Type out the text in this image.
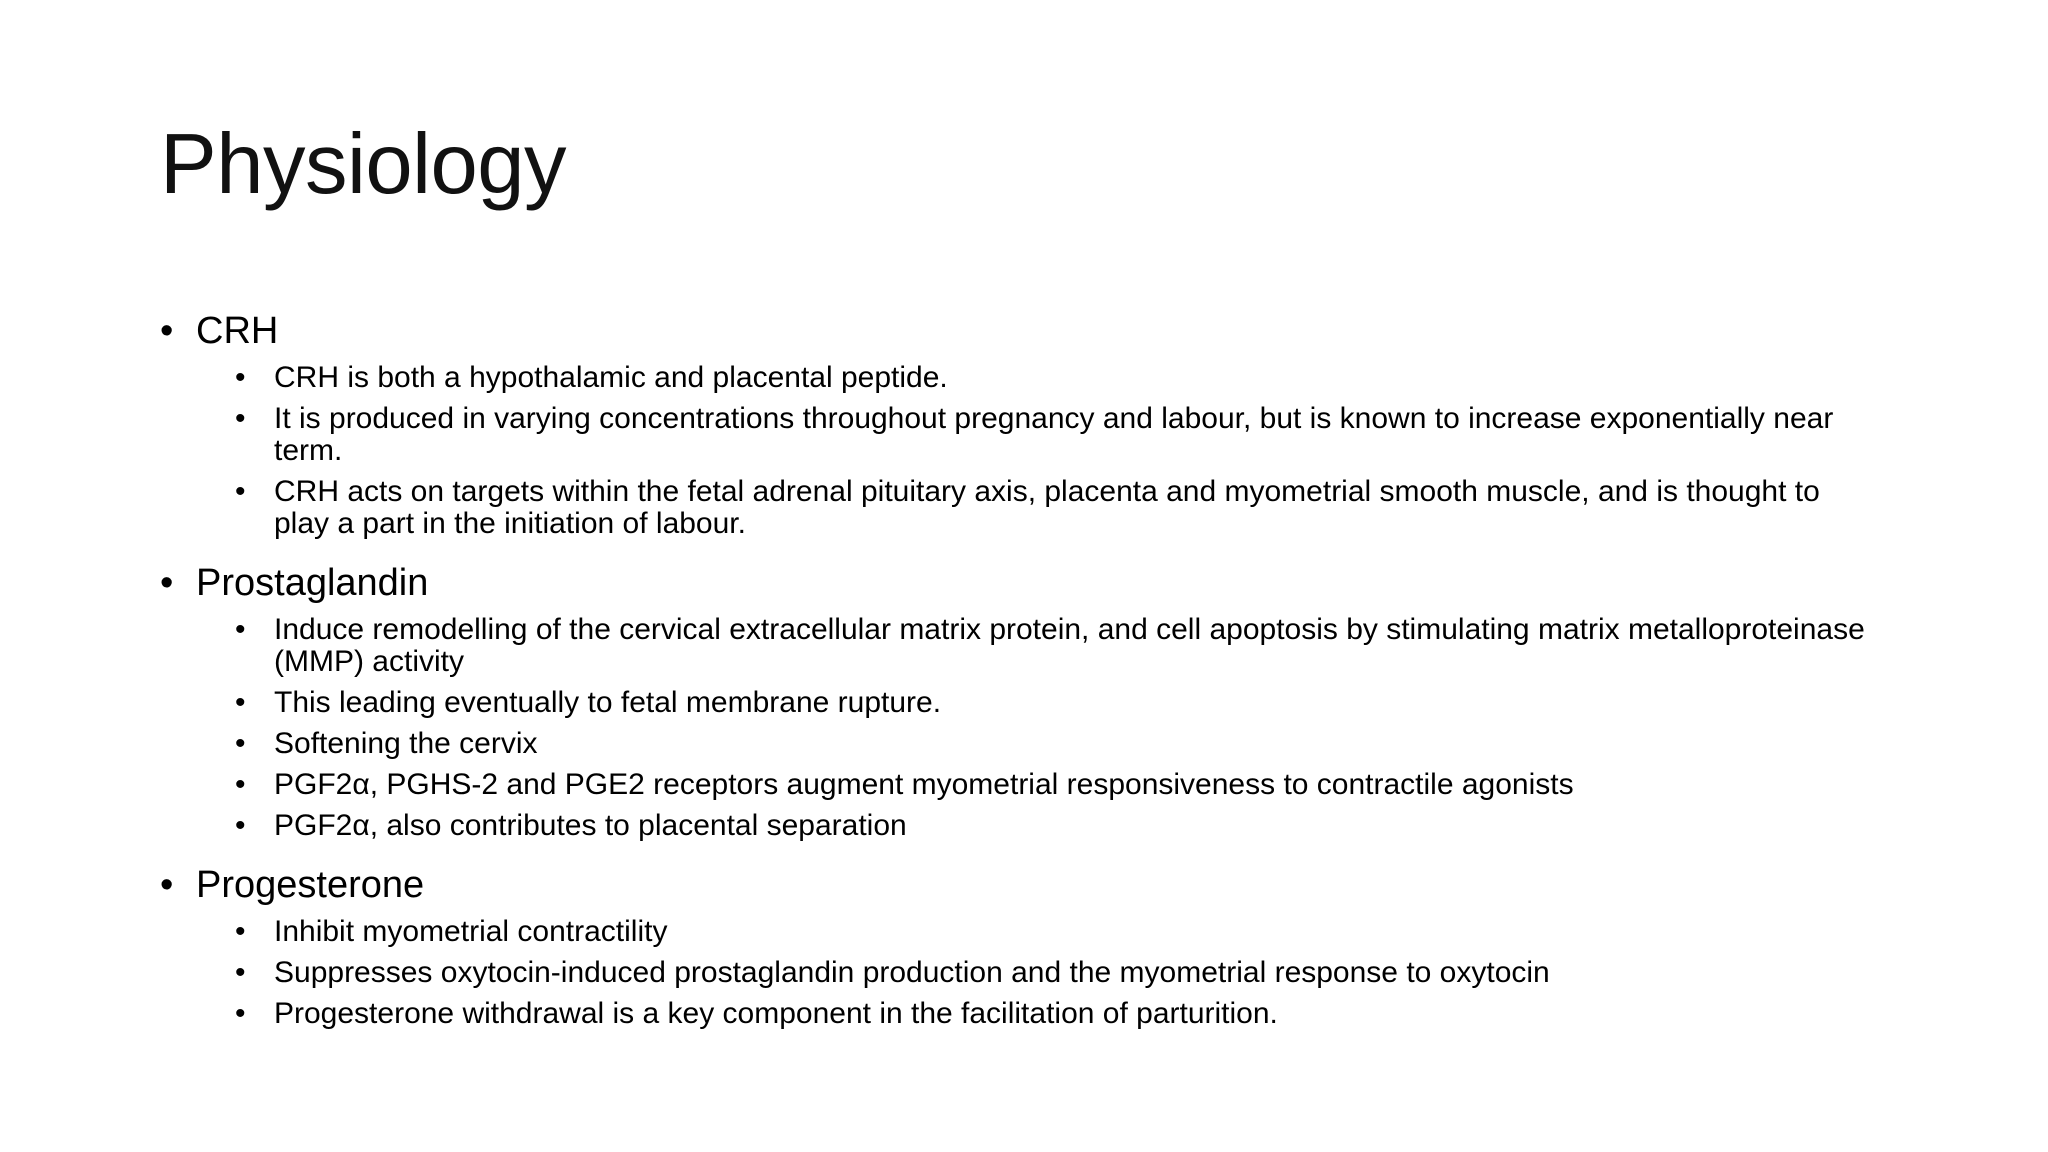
Physiology
• CRH
• CRH is both a hypothalamic and placental peptide.
• It is produced in varying concentrations throughout pregnancy and labour, but is known to increase exponentially near term.
• CRH acts on targets within the fetal adrenal pituitary axis, placenta and myometrial smooth muscle, and is thought to play a part in the initiation of labour.
• Prostaglandin
• Induce remodelling of the cervical extracellular matrix protein, and cell apoptosis by stimulating matrix metalloproteinase (MMP) activity
• This leading eventually to fetal membrane rupture.
• Softening the cervix
• PGF2α, PGHS-2 and PGE2 receptors augment myometrial responsiveness to contractile agonists
• PGF2α, also contributes to placental separation
• Progesterone
• Inhibit myometrial contractility
• Suppresses oxytocin-induced prostaglandin production and the myometrial response to oxytocin
• Progesterone withdrawal is a key component in the facilitation of parturition.
